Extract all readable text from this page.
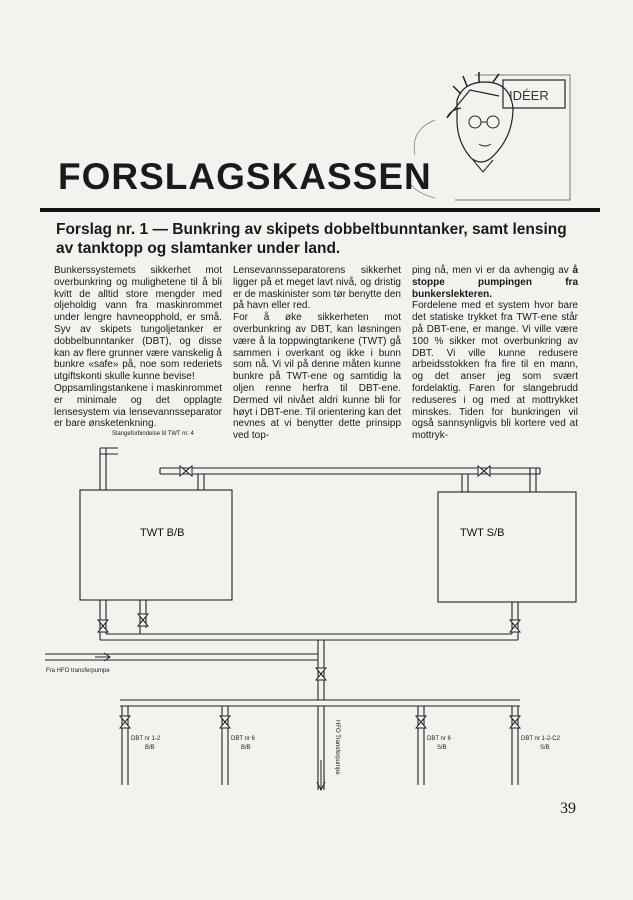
IDÉER
FORSLAGSKASSEN
Forslag nr. 1 — Bunkring av skipets dobbeltbunntanker, samt lensing av tanktopp og slamtanker under land.

Bunkerssystemets sikkerhet mot overbunkring og mulighetene til å bli kvitt de alltid store mengder med oljeholdig vann fra maskinrommet under lengre havneopphold, er små. Syv av skipets tungoljetanker er dobbelbunntanker (DBT), og disse kan av flere grunner være vanskelig å bunkre «safe» på, noe som rederiets utgiftskonti skulle kunne bevise!

Oppsamlingstankene i maskinrommet er minimale og det opplagte lensesystem via lensevannsseparator er bare ønsketenkning.

Lensevannsseparatorens sikkerhet ligger på et meget lavt nivå, og dristig er de maskinister som tør benytte den på havn eller red.

For å øke sikkerheten mot overbunkring av DBT, kan løsningen være å la toppwingtankene (TWT) gå sammen i overkant og ikke i bunn som nå. Vi vil på denne måten kunne bunkre på TWT-ene og samtidig la oljen renne herfra til DBT-ene. Dermed vil nivået aldri kunne bli for høyt i DBT-ene. Til orientering kan det nevnes at vi benytter dette prinsipp ved top-

ping nå, men vi er da avhengig av å stoppe pumpingen fra bunkerslekteren.

Fordelene med et system hvor bare det statiske trykket fra TWT-ene står på DBT-ene, er mange. Vi ville være 100 % sikker mot overbunkring av DBT. Vi ville kunne redusere arbeidsstokken fra fire til en mann, og det anser jeg som svært fordelaktig. Faren for slangebrudd reduseres i og med at mottrykket minskes. Tiden for bunkringen vil også sannsynligvis bli kortere ved at mottryk-

Slangeforbindelse til TWT nr. 4
TWT B/B	TWT S/B
Fra HFO transferpumpe
HFO Transferpumpe
DBT nr 1-2
B/B
DBT nr 6
B/B
DBT nr 6
S/B
DBT nr 1-2-C2
S/B
39
